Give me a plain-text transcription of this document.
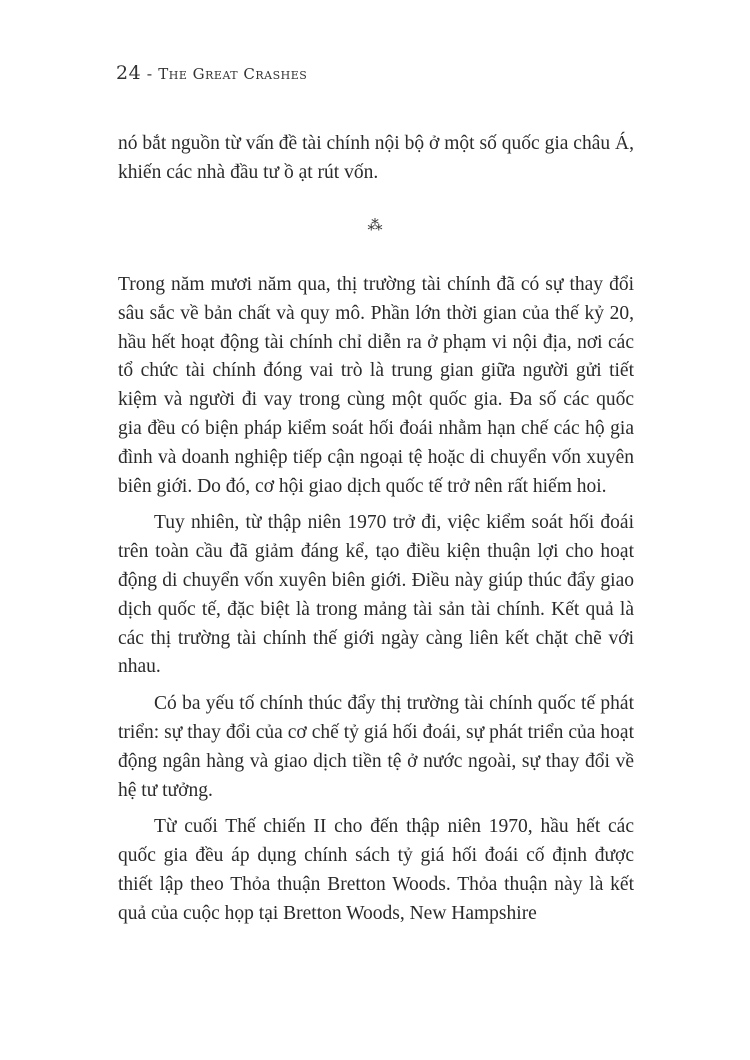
24 - The Great Crashes

nó bắt nguồn từ vấn đề tài chính nội bộ ở một số quốc gia châu Á, khiến các nhà đầu tư ồ ạt rút vốn.

⁂

Trong năm mươi năm qua, thị trường tài chính đã có sự thay đổi sâu sắc về bản chất và quy mô. Phần lớn thời gian của thế kỷ 20, hầu hết hoạt động tài chính chỉ diễn ra ở phạm vi nội địa, nơi các tổ chức tài chính đóng vai trò là trung gian giữa người gửi tiết kiệm và người đi vay trong cùng một quốc gia. Đa số các quốc gia đều có biện pháp kiểm soát hối đoái nhằm hạn chế các hộ gia đình và doanh nghiệp tiếp cận ngoại tệ hoặc di chuyển vốn xuyên biên giới. Do đó, cơ hội giao dịch quốc tế trở nên rất hiếm hoi.

Tuy nhiên, từ thập niên 1970 trở đi, việc kiểm soát hối đoái trên toàn cầu đã giảm đáng kể, tạo điều kiện thuận lợi cho hoạt động di chuyển vốn xuyên biên giới. Điều này giúp thúc đẩy giao dịch quốc tế, đặc biệt là trong mảng tài sản tài chính. Kết quả là các thị trường tài chính thế giới ngày càng liên kết chặt chẽ với nhau.

Có ba yếu tố chính thúc đẩy thị trường tài chính quốc tế phát triển: sự thay đổi của cơ chế tỷ giá hối đoái, sự phát triển của hoạt động ngân hàng và giao dịch tiền tệ ở nước ngoài, sự thay đổi về hệ tư tưởng.

Từ cuối Thế chiến II cho đến thập niên 1970, hầu hết các quốc gia đều áp dụng chính sách tỷ giá hối đoái cố định được thiết lập theo Thỏa thuận Bretton Woods. Thỏa thuận này là kết quả của cuộc họp tại Bretton Woods, New Hampshire
